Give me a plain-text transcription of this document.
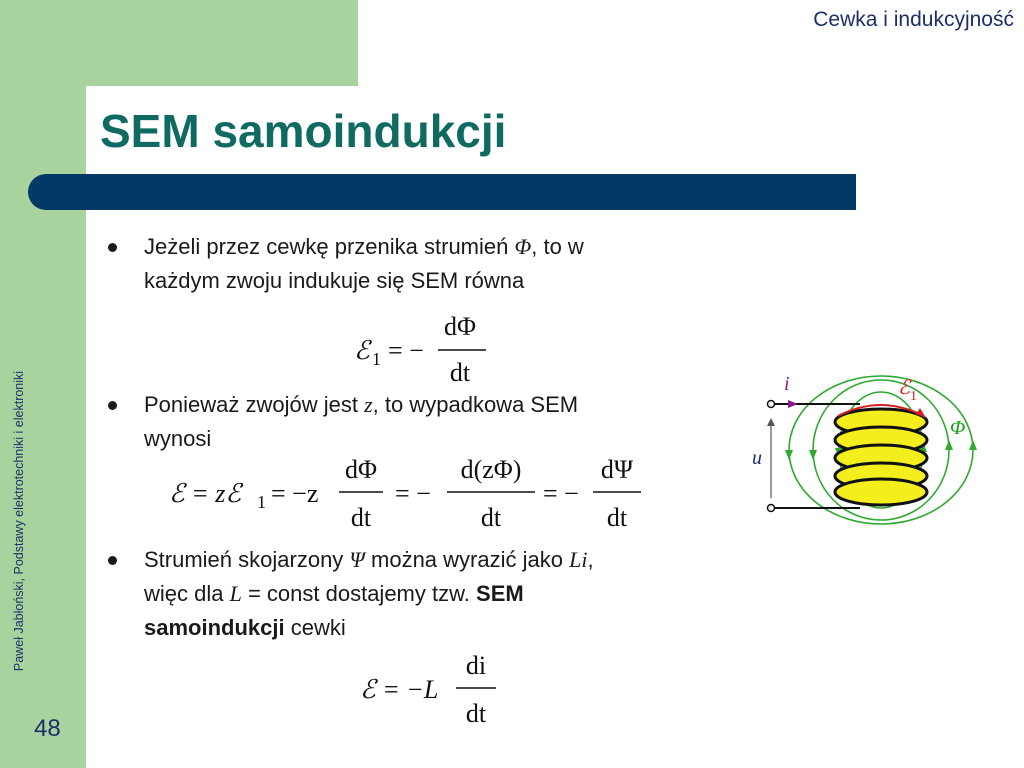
Cewka i indukcyjność
SEM samoindukcji
Paweł Jabłoński, Podstawy elektrotechniki i elektroniki
48
Jeżeli przez cewkę przenika strumień Φ, to w
każdym zwoju indukuje się SEM równa
ℰ 1 = −
dΦ
dt
Ponieważ zwojów jest z, to wypadkowa SEM
wynosi
ℰ = zℰ 1 = −z
dΦ
dt
= −
d(zΦ)
dt
= −
dΨ
dt
Strumień skojarzony Ψ można wyrazić jako Li,
więc dla L = const dostajemy tzw. SEM
samoindukcji cewki
ℰ = −L
di
dt
i	ℰ 1
Φ
u
